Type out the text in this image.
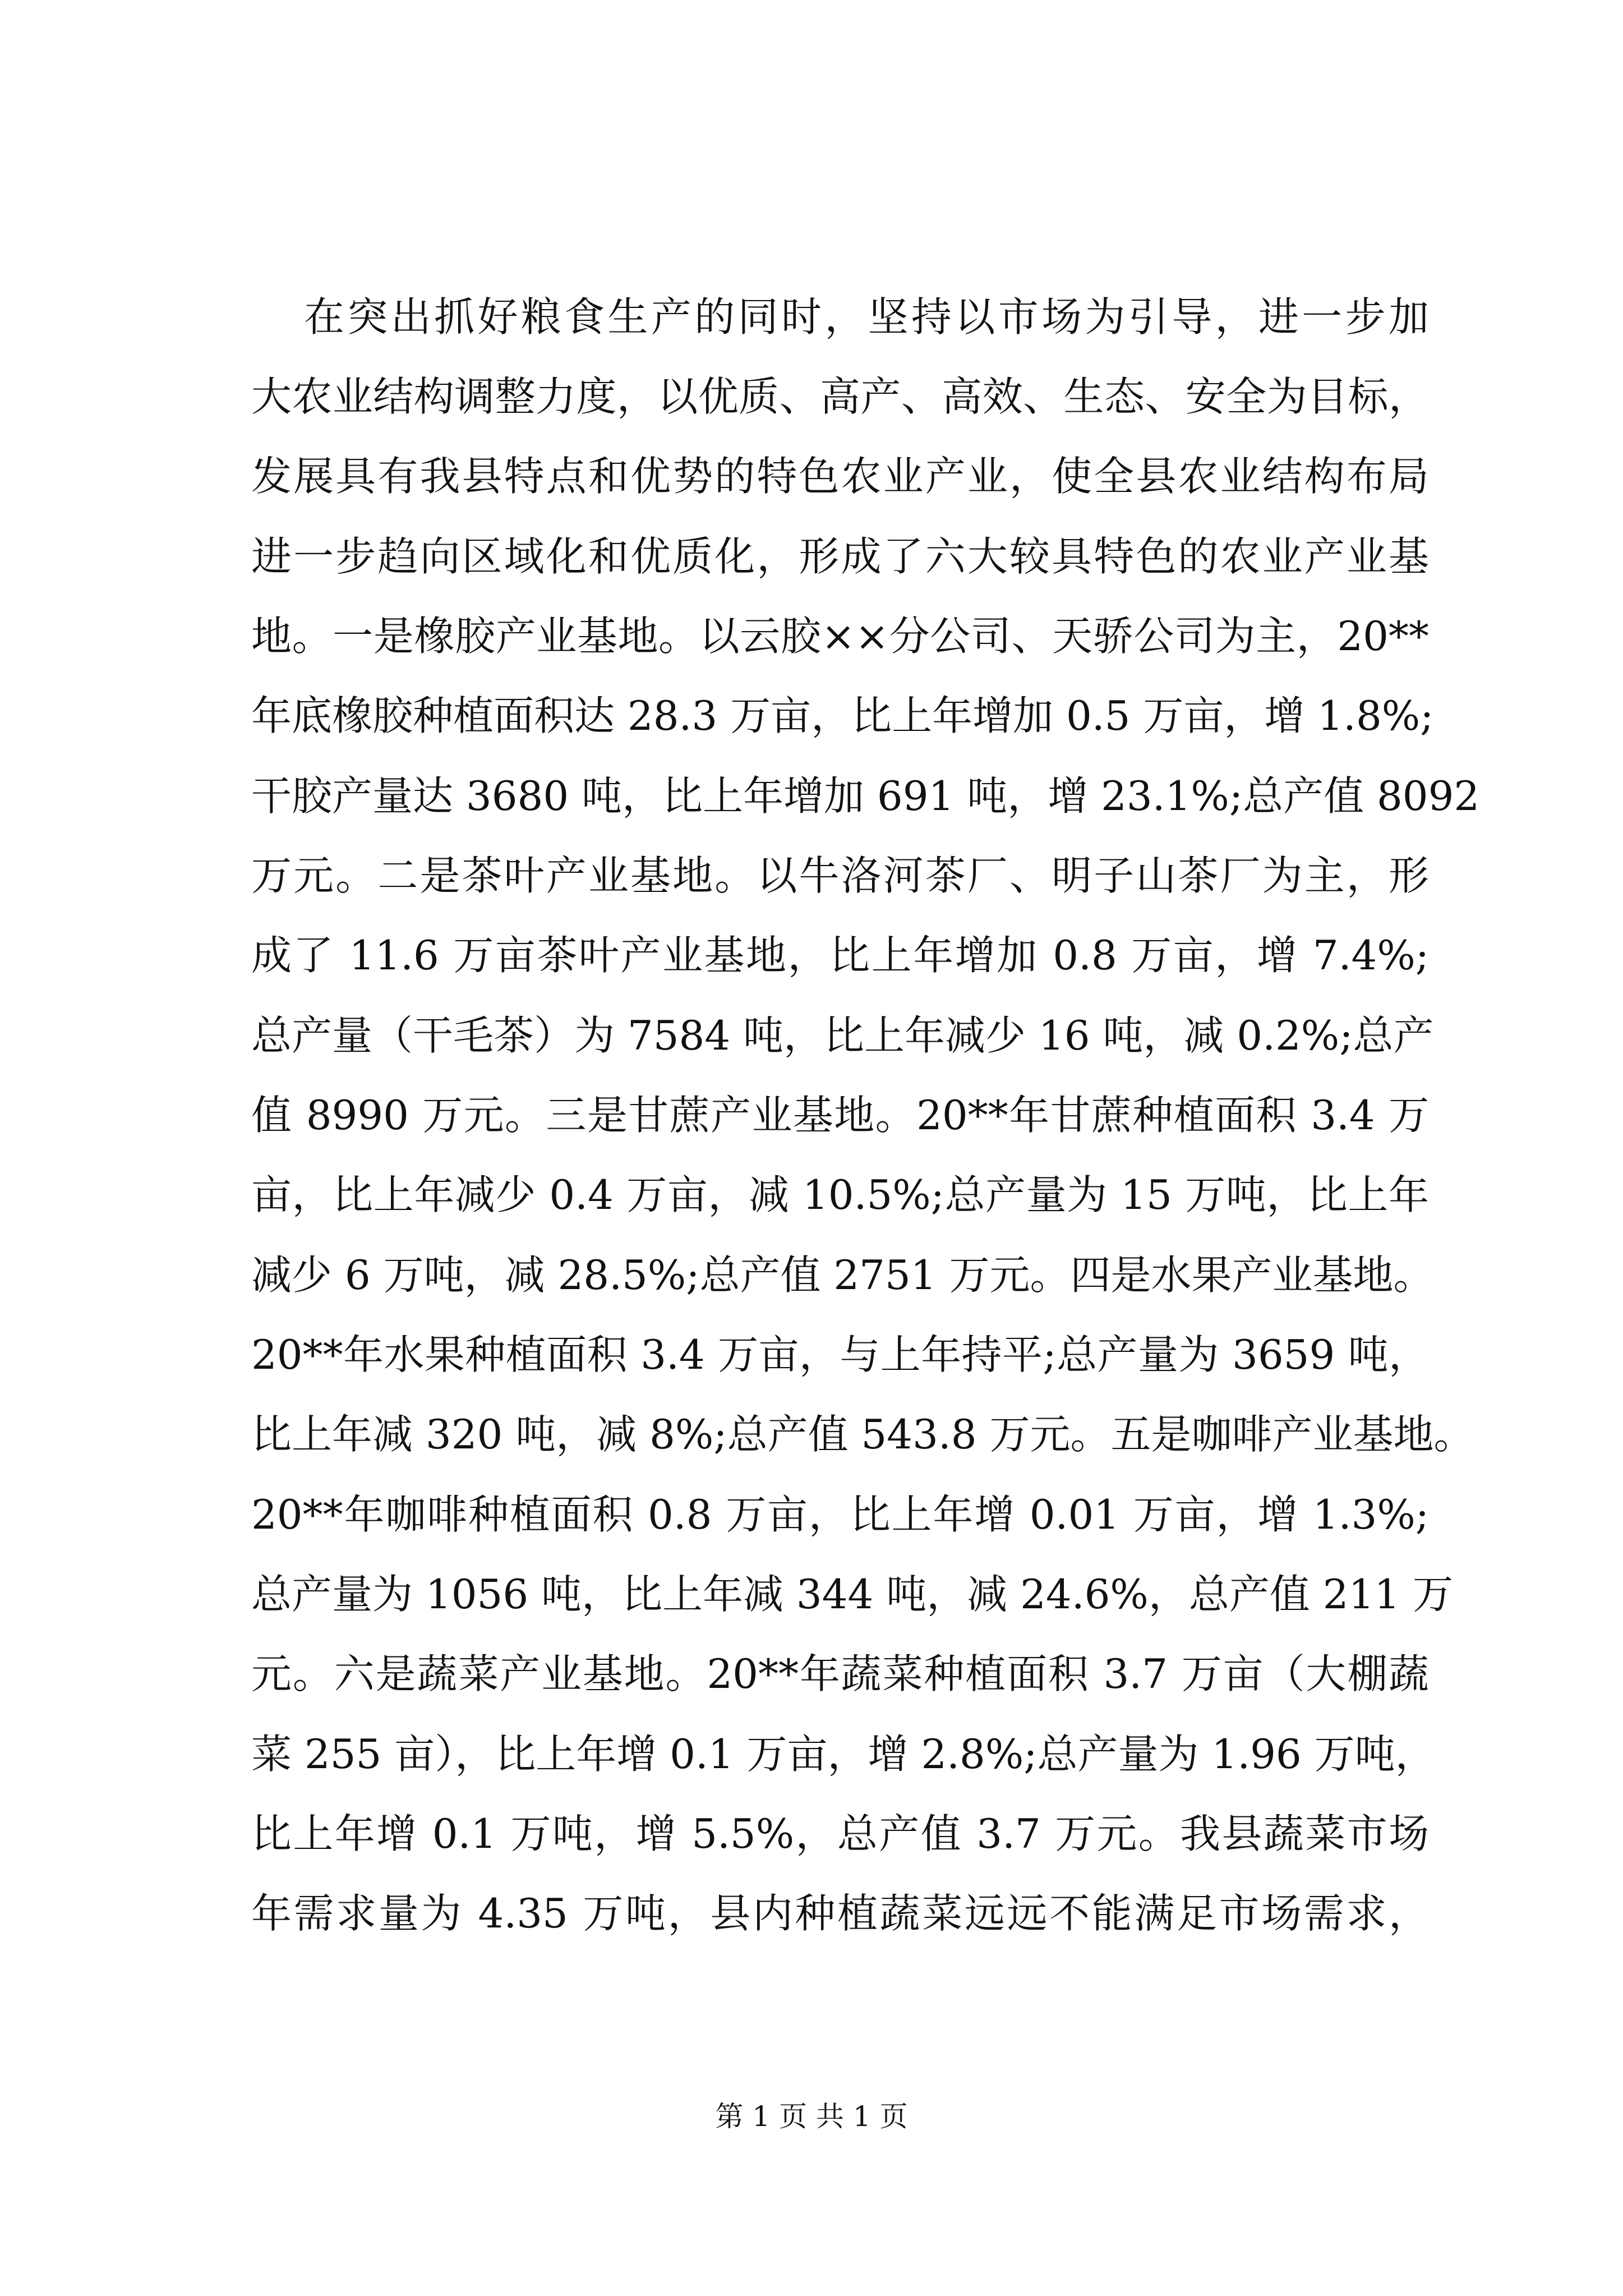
在突出抓好粮食生产的同时，坚持以市场为引导，进一步加
大农业结构调整力度，以优质、高产、高效、生态、安全为目标，
发展具有我县特点和优势的特色农业产业，使全县农业结构布局
进一步趋向区域化和优质化，形成了六大较具特色的农业产业基
地。一是橡胶产业基地。以云胶××分公司、天骄公司为主，20**
年底橡胶种植面积达 28.3 万亩，比上年增加 0.5 万亩，增 1.8%;
干胶产量达 3680 吨，比上年增加 691 吨，增 23.1%;总产值 8092
万元。二是茶叶产业基地。以牛洛河茶厂、明子山茶厂为主，形
成了 11.6 万亩茶叶产业基地，比上年增加 0.8 万亩，增 7.4%;
总产量（干毛茶）为 7584 吨，比上年减少 16 吨，减 0.2%;总产
值 8990 万元。三是甘蔗产业基地。20**年甘蔗种植面积 3.4 万
亩，比上年减少 0.4 万亩，减 10.5%;总产量为 15 万吨，比上年
减少 6 万吨，减 28.5%;总产值 2751 万元。四是水果产业基地。
20**年水果种植面积 3.4 万亩，与上年持平;总产量为 3659 吨，
比上年减 320 吨，减 8%;总产值 543.8 万元。五是咖啡产业基地。
20**年咖啡种植面积 0.8 万亩，比上年增 0.01 万亩，增 1.3%;
总产量为 1056 吨，比上年减 344 吨，减 24.6%，总产值 211 万
元。六是蔬菜产业基地。20**年蔬菜种植面积 3.7 万亩（大棚蔬
菜 255 亩），比上年增 0.1 万亩，增 2.8%;总产量为 1.96 万吨，
比上年增 0.1 万吨，增 5.5%，总产值 3.7 万元。我县蔬菜市场
年需求量为 4.35 万吨，县内种植蔬菜远远不能满足市场需求，
第 1 页 共 1 页
